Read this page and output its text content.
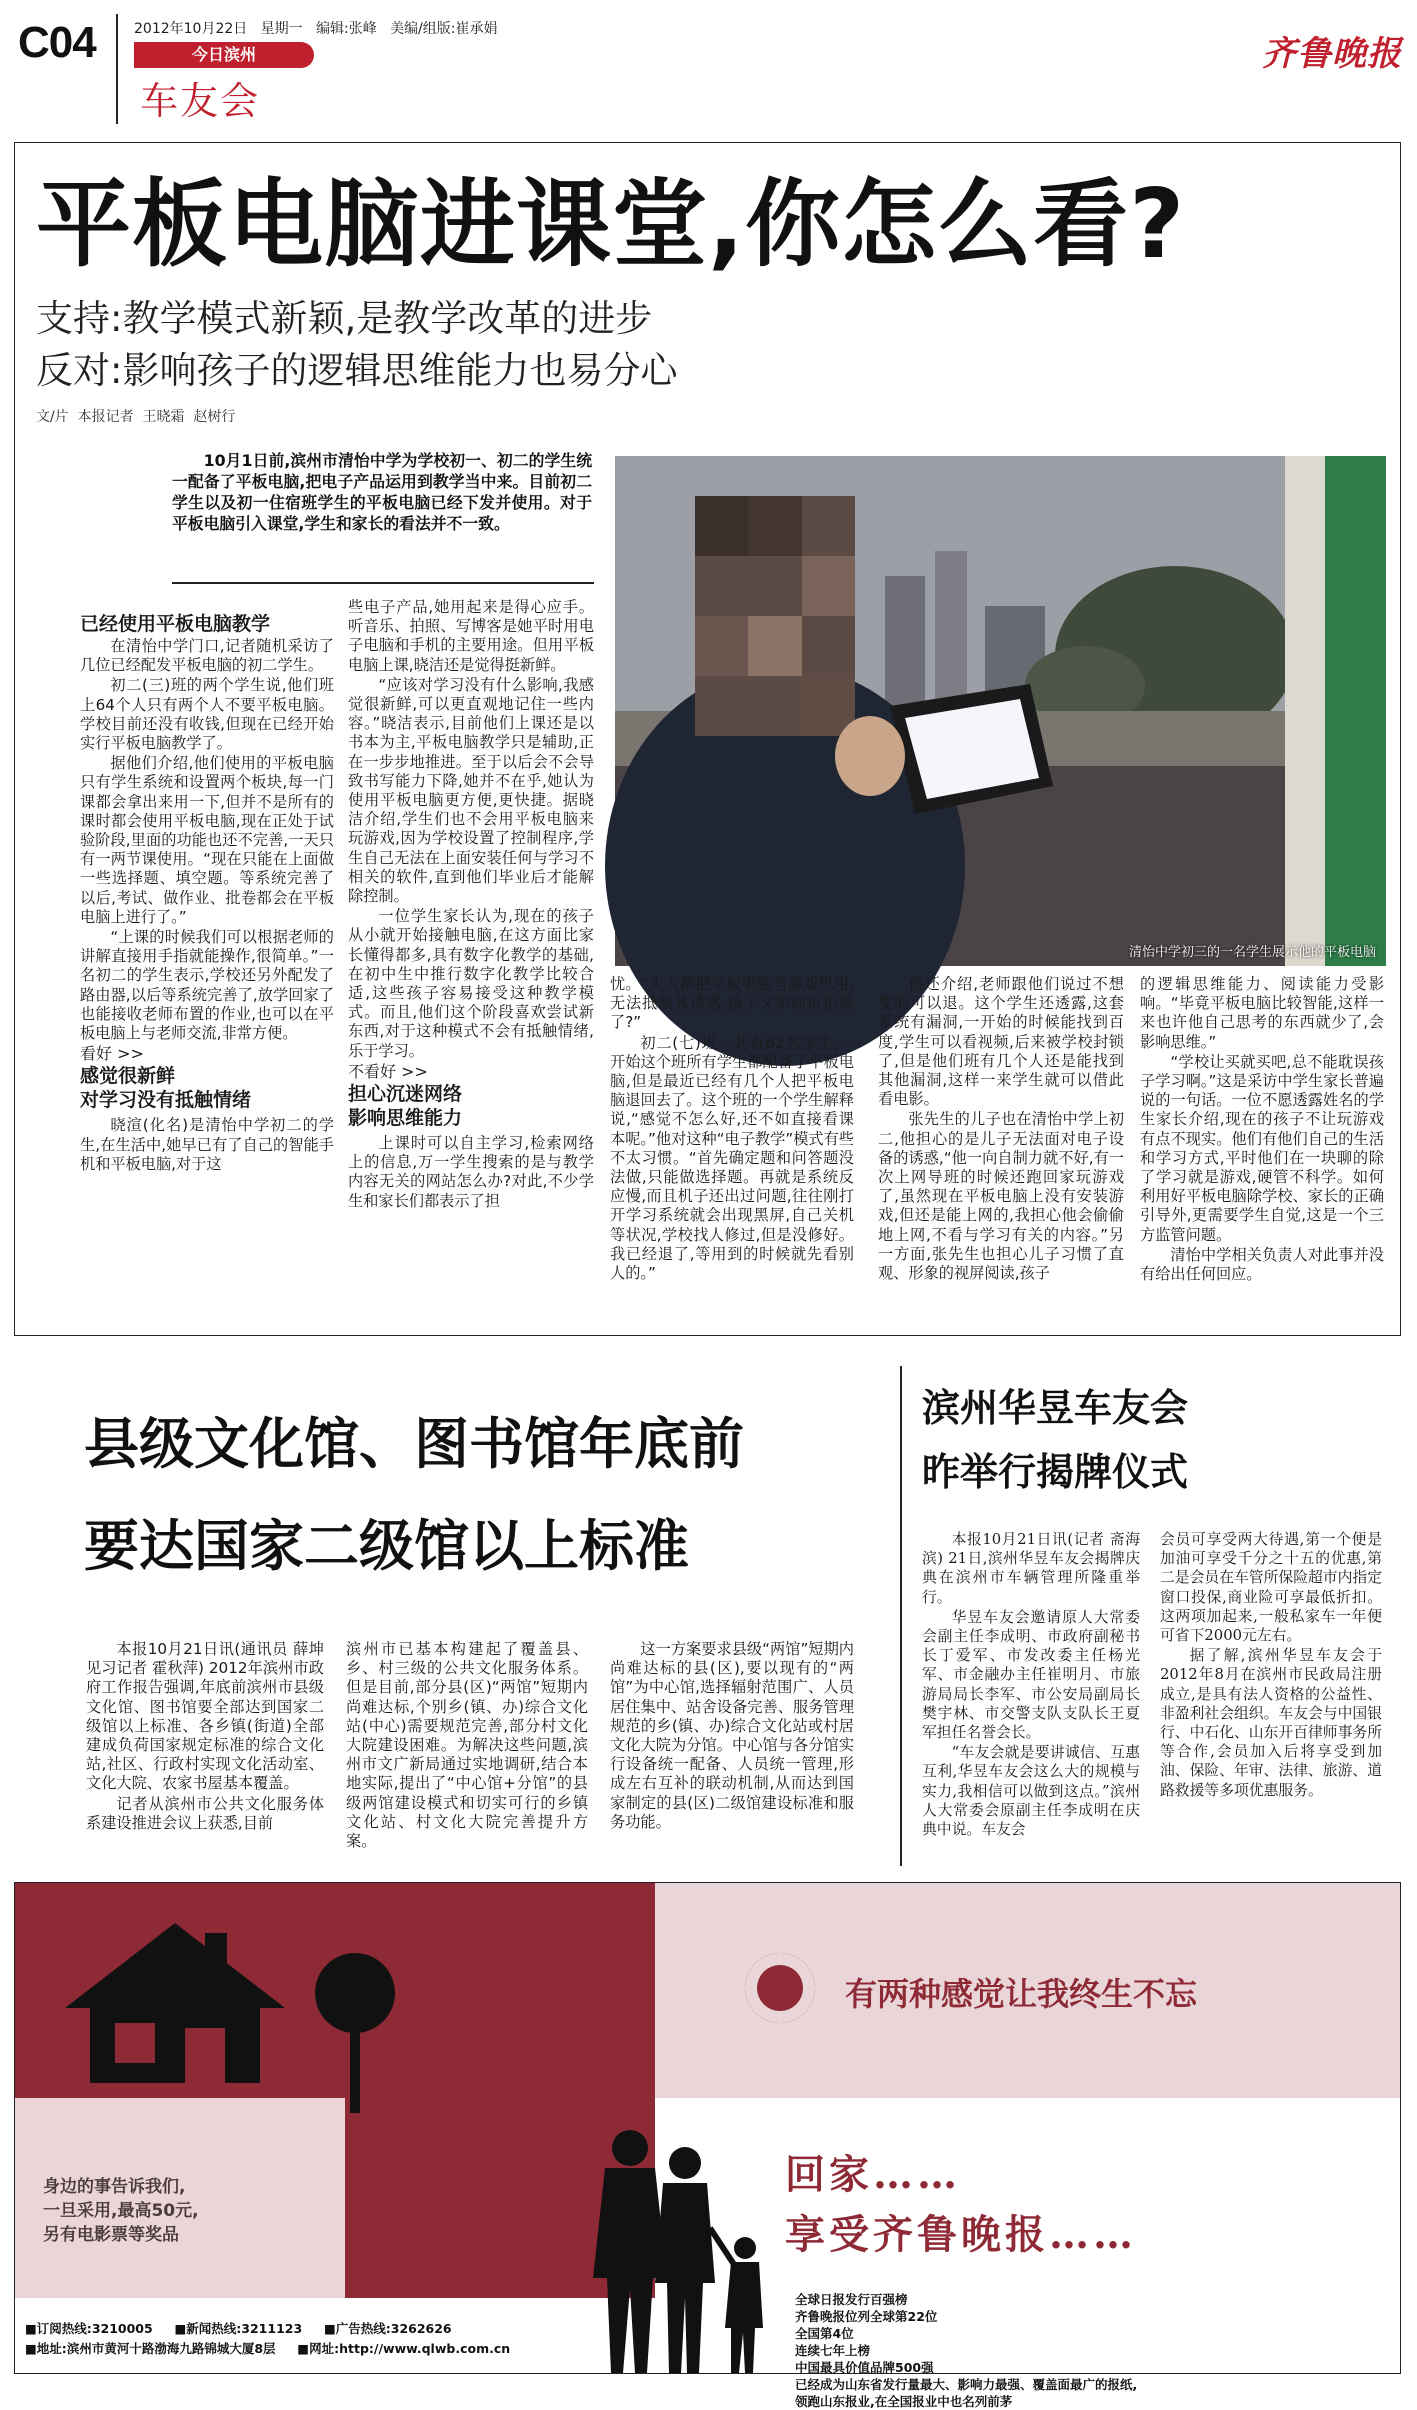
C04	2012年10月22日 星期一 编辑:张峰 美编/组版:崔承娟
今日滨州
车友会
齐鲁晚报
平板电脑进课堂,你怎么看?
支持:教学模式新颖,是教学改革的进步
反对:影响孩子的逻辑思维能力也易分心
文/片  本报记者  王晓霜  赵树行
10月1日前,滨州市清怡中学为学校初一、初二的学生统一配备了平板电脑,把电子产品运用到教学当中来。目前初二学生以及初一住宿班学生的平板电脑已经下发并使用。对于平板电脑引入课堂,学生和家长的看法并不一致。
清怡中学初三的一名学生展示他的平板电脑

已经使用平板电脑教学

在清怡中学门口,记者随机采访了几位已经配发平板电脑的初二学生。

初二(三)班的两个学生说,他们班上64个人只有两个人不要平板电脑。学校目前还没有收钱,但现在已经开始实行平板电脑教学了。

据他们介绍,他们使用的平板电脑只有学生系统和设置两个板块,每一门课都会拿出来用一下,但并不是所有的课时都会使用平板电脑,现在正处于试验阶段,里面的功能也还不完善,一天只有一两节课使用。“现在只能在上面做一些选择题、填空题。等系统完善了以后,考试、做作业、批卷都会在平板电脑上进行了。”

“上课的时候我们可以根据老师的讲解直接用手指就能操作,很简单。”一名初二的学生表示,学校还另外配发了路由器,以后等系统完善了,放学回家了也能接收老师布置的作业,也可以在平板电脑上与老师交流,非常方便。

看好 >>

感觉很新鲜

对学习没有抵触情绪

晓渲(化名)是清怡中学初二的学生,在生活中,她早已有了自己的智能手机和平板电脑,对于这

些电子产品,她用起来是得心应手。听音乐、拍照、写博客是她平时用电子电脑和手机的主要用途。但用平板电脑上课,晓洁还是觉得挺新鲜。

“应该对学习没有什么影响,我感觉很新鲜,可以更直观地记住一些内容。”晓洁表示,目前他们上课还是以书本为主,平板电脑教学只是辅助,正在一步步地推进。至于以后会不会导致书写能力下降,她并不在乎,她认为使用平板电脑更方便,更快捷。据晓洁介绍,学生们也不会用平板电脑来玩游戏,因为学校设置了控制程序,学生自己无法在上面安装任何与学习不相关的软件,直到他们毕业后才能解除控制。

一位学生家长认为,现在的孩子从小就开始接触电脑,在这方面比家长懂得都多,具有数字化教学的基础,在初中生中推行数字化教学比较合适,这些孩子容易接受这种教学模式。而且,他们这个阶段喜欢尝试新东西,对于这种模式不会有抵触情绪,乐于学习。

不看好 >>

担心沉迷网络

影响思维能力

上课时可以自主学习,检索网络上的信息,万一学生搜索的是与教学内容无关的网站怎么办?对此,不少学生和家长们都表示了担

忧。“大人都把平板电脑当游戏机用,无法抵制其诱惑,孩子又如何抗拒得了?”

初二(七)班一共有62名学生,一开始这个班所有学生都配备了平板电脑,但是最近已经有几个人把平板电脑退回去了。这个班的一个学生解释说,“感觉不怎么好,还不如直接看课本呢。”他对这种“电子教学”模式有些不太习惯。“首先确定题和问答题没法做,只能做选择题。再就是系统反应慢,而且机子还出过问题,往往刚打开学习系统就会出现黑屏,自己关机等状况,学校找人修过,但是没修好。我已经退了,等用到的时候就先看别人的。”

他还介绍,老师跟他们说过不想要的可以退。这个学生还透露,这套系统有漏洞,一开始的时候能找到百度,学生可以看视频,后来被学校封锁了,但是他们班有几个人还是能找到其他漏洞,这样一来学生就可以借此看电影。

张先生的儿子也在清怡中学上初二,他担心的是儿子无法面对电子设备的诱惑,“他一向自制力就不好,有一次上网导班的时候还跑回家玩游戏了,虽然现在平板电脑上没有安装游戏,但还是能上网的,我担心他会偷偷地上网,不看与学习有关的内容。”另一方面,张先生也担心儿子习惯了直观、形象的视屏阅读,孩子

的逻辑思维能力、阅读能力受影响。“毕竟平板电脑比较智能,这样一来也许他自己思考的东西就少了,会影响思维。”

“学校让买就买吧,总不能耽误孩子学习啊。”这是采访中学生家长普遍说的一句话。一位不愿透露姓名的学生家长介绍,现在的孩子不让玩游戏有点不现实。他们有他们自己的生活和学习方式,平时他们在一块聊的除了学习就是游戏,硬管不科学。如何利用好平板电脑除学校、家长的正确引导外,更需要学生自觉,这是一个三方监管问题。

清怡中学相关负责人对此事并没有给出任何回应。

县级文化馆、图书馆年底前
要达国家二级馆以上标准

本报10月21日讯(通讯员 薛坤 见习记者 霍秋萍) 2012年滨州市政府工作报告强调,年底前滨州市县级文化馆、图书馆要全部达到国家二级馆以上标准、各乡镇(街道)全部建成负荷国家规定标准的综合文化站,社区、行政村实现文化活动室、文化大院、农家书屋基本覆盖。

记者从滨州市公共文化服务体系建设推进会议上获悉,目前

滨州市已基本构建起了覆盖县、乡、村三级的公共文化服务体系。但是目前,部分县(区)“两馆”短期内尚难达标,个别乡(镇、办)综合文化站(中心)需要规范完善,部分村文化大院建设困难。为解决这些问题,滨州市文广新局通过实地调研,结合本地实际,提出了“中心馆+分馆”的县级两馆建设模式和切实可行的乡镇文化站、村文化大院完善提升方案。

这一方案要求县级“两馆”短期内尚难达标的县(区),要以现有的“两馆”为中心馆,选择辐射范围广、人员居住集中、站舍设备完善、服务管理规范的乡(镇、办)综合文化站或村居文化大院为分馆。中心馆与各分馆实行设备统一配备、人员统一管理,形成左右互补的联动机制,从而达到国家制定的县(区)二级馆建设标准和服务功能。

滨州华昱车友会
昨举行揭牌仪式

本报10月21日讯(记者 斋海滨) 21日,滨州华昱车友会揭牌庆典在滨州市车辆管理所隆重举行。

华昱车友会邀请原人大常委会副主任李成明、市政府副秘书长丁爱军、市发改委主任杨光军、市金融办主任崔明月、市旅游局局长李军、市公安局副局长樊宇林、市交警支队支队长王夏军担任名誉会长。

“车友会就是要讲诚信、互惠互利,华昱车友会这么大的规模与实力,我相信可以做到这点。”滨州人大常委会原副主任李成明在庆典中说。车友会

会员可享受两大待遇,第一个便是加油可享受千分之十五的优惠,第二是会员在车管所保险超市内指定窗口投保,商业险可享最低折扣。这两项加起来,一般私家车一年便可省下2000元左右。

据了解,滨州华昱车友会于2012年8月在滨州市民政局注册成立,是具有法人资格的公益性、非盈利社会组织。车友会与中国银行、中石化、山东开百律师事务所等合作,会员加入后将享受到加油、保险、年审、法律、旅游、道路救援等多项优惠服务。

有两种感觉让我终生不忘
回家……
享受齐鲁晚报……
身边的事告诉我们,
一旦采用,最高50元,
另有电影票等奖品
全球日报发行百强榜
齐鲁晚报位列全球第22位
全国第4位
连续七年上榜
中国最具价值品牌500强
已经成为山东省发行量最大、影响力最强、覆盖面最广的报纸,
领跑山东报业,在全国报业中也名列前茅
■订阅热线:3210005 ■新闻热线:3211123 ■广告热线:3262626
■地址:滨州市黄河十路渤海九路锦城大厦8层 ■网址:http://www.qlwb.com.cn
